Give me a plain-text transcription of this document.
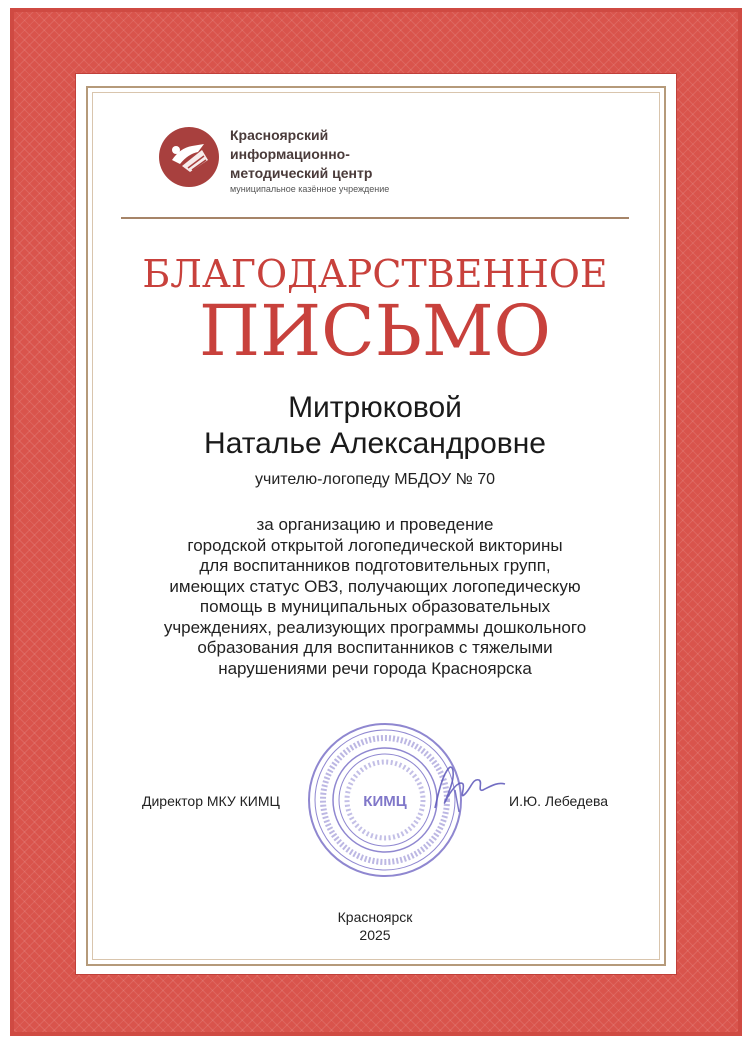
Красноярский
информационно-
методический центр
муниципальное казённое учреждение
БЛАГОДАРСТВЕННОЕ
ПИСЬМО
Митрюковой
Наталье Александровне
учителю-логопеду МБДОУ № 70
за организацию и проведение
городской открытой логопедической викторины
для воспитанников подготовительных групп,
имеющих статус ОВЗ, получающих логопедическую
помощь в муниципальных образовательных
учреждениях, реализующих программы дошкольного
образования для воспитанников с тяжелыми
нарушениями речи города Красноярска
КИМЦ
Директор МКУ КИМЦ	И.Ю. Лебедева
Красноярск
2025
